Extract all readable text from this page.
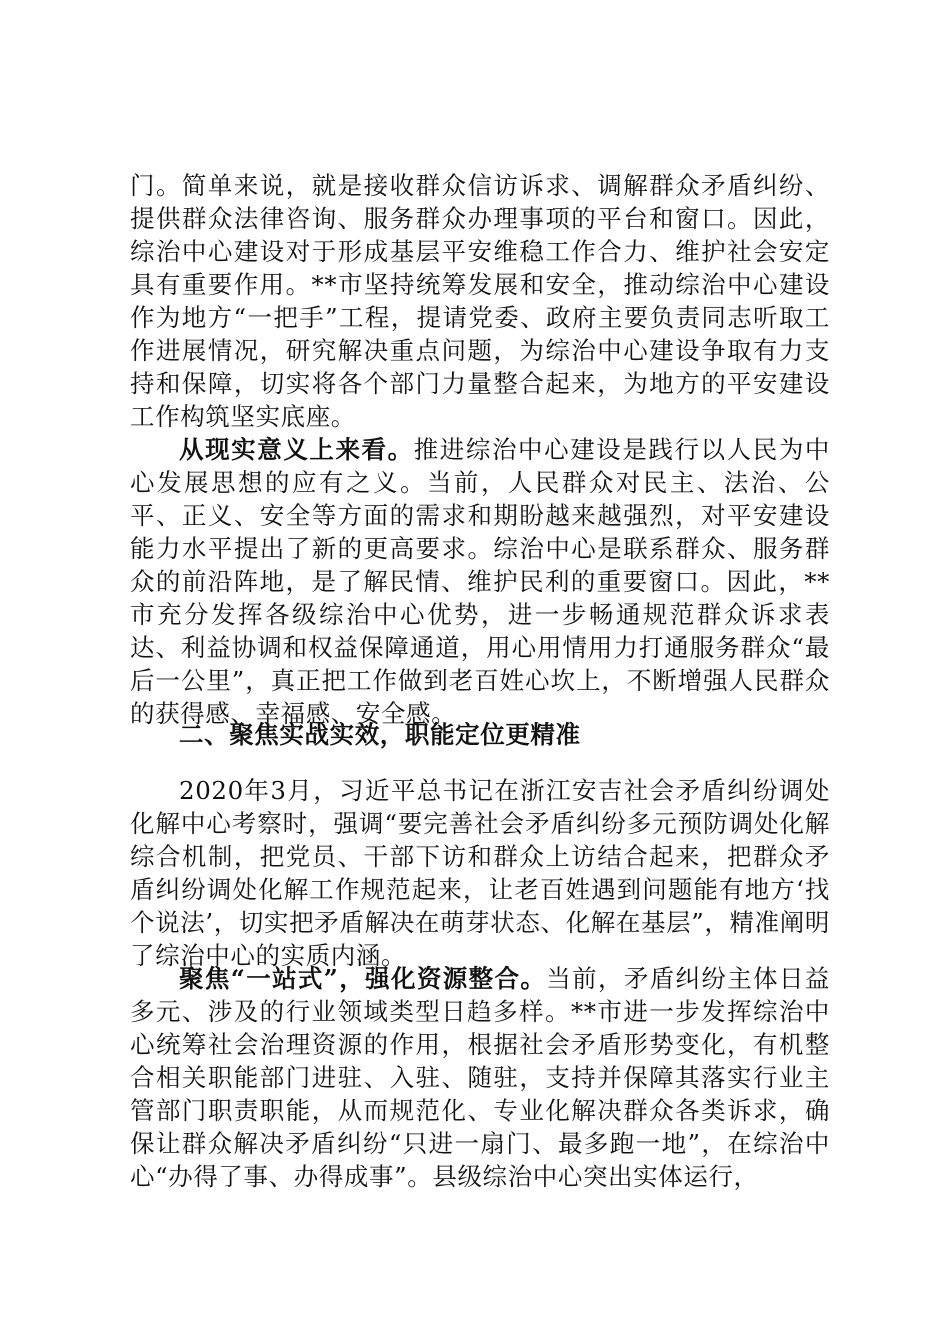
门。简单来说，就是接收群众信访诉求、调解群众矛盾纠纷、提供群众法律咨询、服务群众办理事项的平台和窗口。因此，综治中心建设对于形成基层平安维稳工作合力、维护社会安定具有重要作用。**市坚持统筹发展和安全，推动综治中心建设作为地方“一把手”工程，提请党委、政府主要负责同志听取工作进展情况，研究解决重点问题，为综治中心建设争取有力支持和保障，切实将各个部门力量整合起来，为地方的平安建设工作构筑坚实底座。

从现实意义上来看。推进综治中心建设是践行以人民为中心发展思想的应有之义。当前，人民群众对民主、法治、公平、正义、安全等方面的需求和期盼越来越强烈，对平安建设能力水平提出了新的更高要求。综治中心是联系群众、服务群众的前沿阵地，是了解民情、维护民利的重要窗口。因此，**市充分发挥各级综治中心优势，进一步畅通规范群众诉求表达、利益协调和权益保障通道，用心用情用力打通服务群众“最后一公里”，真正把工作做到老百姓心坎上，不断增强人民群众的获得感、幸福感、安全感。

二、聚焦实战实效，职能定位更精准

2020年3月，习近平总书记在浙江安吉社会矛盾纠纷调处化解中心考察时，强调“要完善社会矛盾纠纷多元预防调处化解综合机制，把党员、干部下访和群众上访结合起来，把群众矛盾纠纷调处化解工作规范起来，让老百姓遇到问题能有地方‘找个说法’，切实把矛盾解决在萌芽状态、化解在基层”，精准阐明了综治中心的实质内涵。

聚焦“一站式”，强化资源整合。当前，矛盾纠纷主体日益多元、涉及的行业领域类型日趋多样。**市进一步发挥综治中心统筹社会治理资源的作用，根据社会矛盾形势变化，有机整合相关职能部门进驻、入驻、随驻，支持并保障其落实行业主管部门职责职能，从而规范化、专业化解决群众各类诉求，确保让群众解决矛盾纠纷“只进一扇门、最多跑一地”，在综治中心“办得了事、办得成事”。县级综治中心突出实体运行，
